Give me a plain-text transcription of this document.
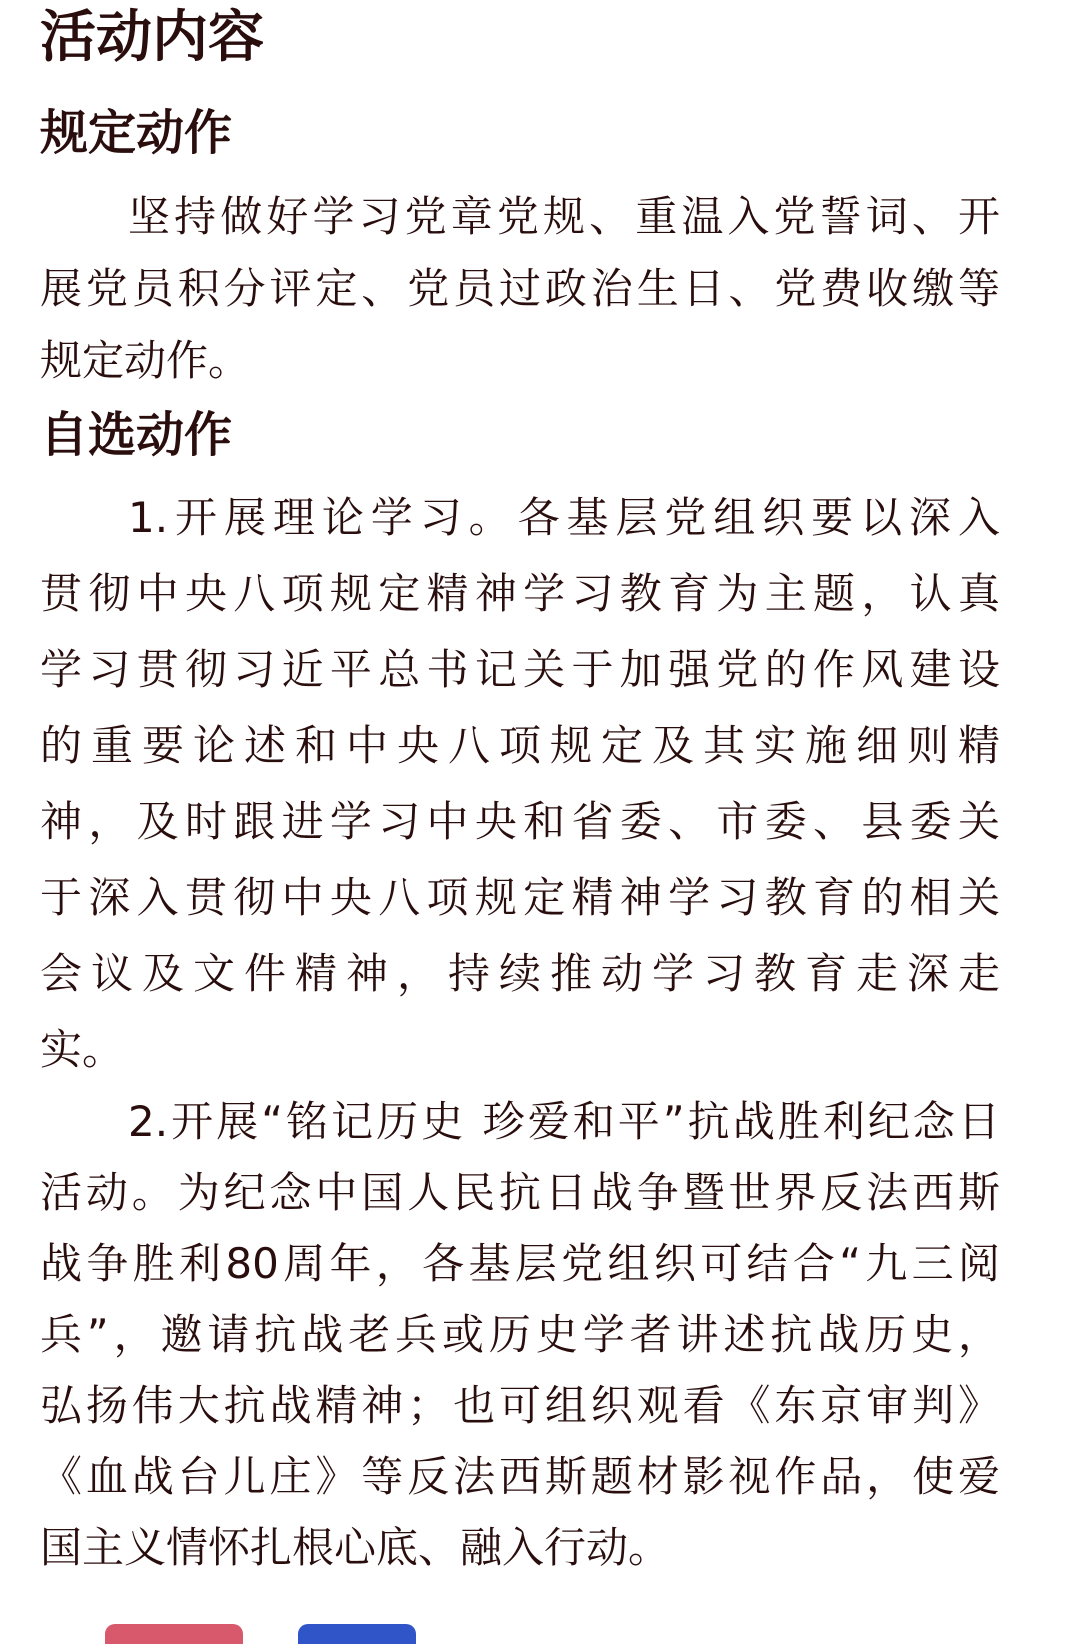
活动内容
规定动作
坚持做好学习党章党规、重温入党誓词、开
展党员积分评定、党员过政治生日、党费收缴等
规定动作。
自选动作
1.开展理论学习。各基层党组织要以深入
贯彻中央八项规定精神学习教育为主题，认真
学习贯彻习近平总书记关于加强党的作风建设
的重要论述和中央八项规定及其实施细则精
神，及时跟进学习中央和省委、市委、县委关
于深入贯彻中央八项规定精神学习教育的相关
会议及文件精神，持续推动学习教育走深走
实。
2.开展“铭记历史 珍爱和平”抗战胜利纪念日
活动。为纪念中国人民抗日战争暨世界反法西斯
战争胜利80周年，各基层党组织可结合“九三阅
兵”，邀请抗战老兵或历史学者讲述抗战历史，
弘扬伟大抗战精神；也可组织观看《东京审判》
《血战台儿庄》等反法西斯题材影视作品，使爱
国主义情怀扎根心底、融入行动。
